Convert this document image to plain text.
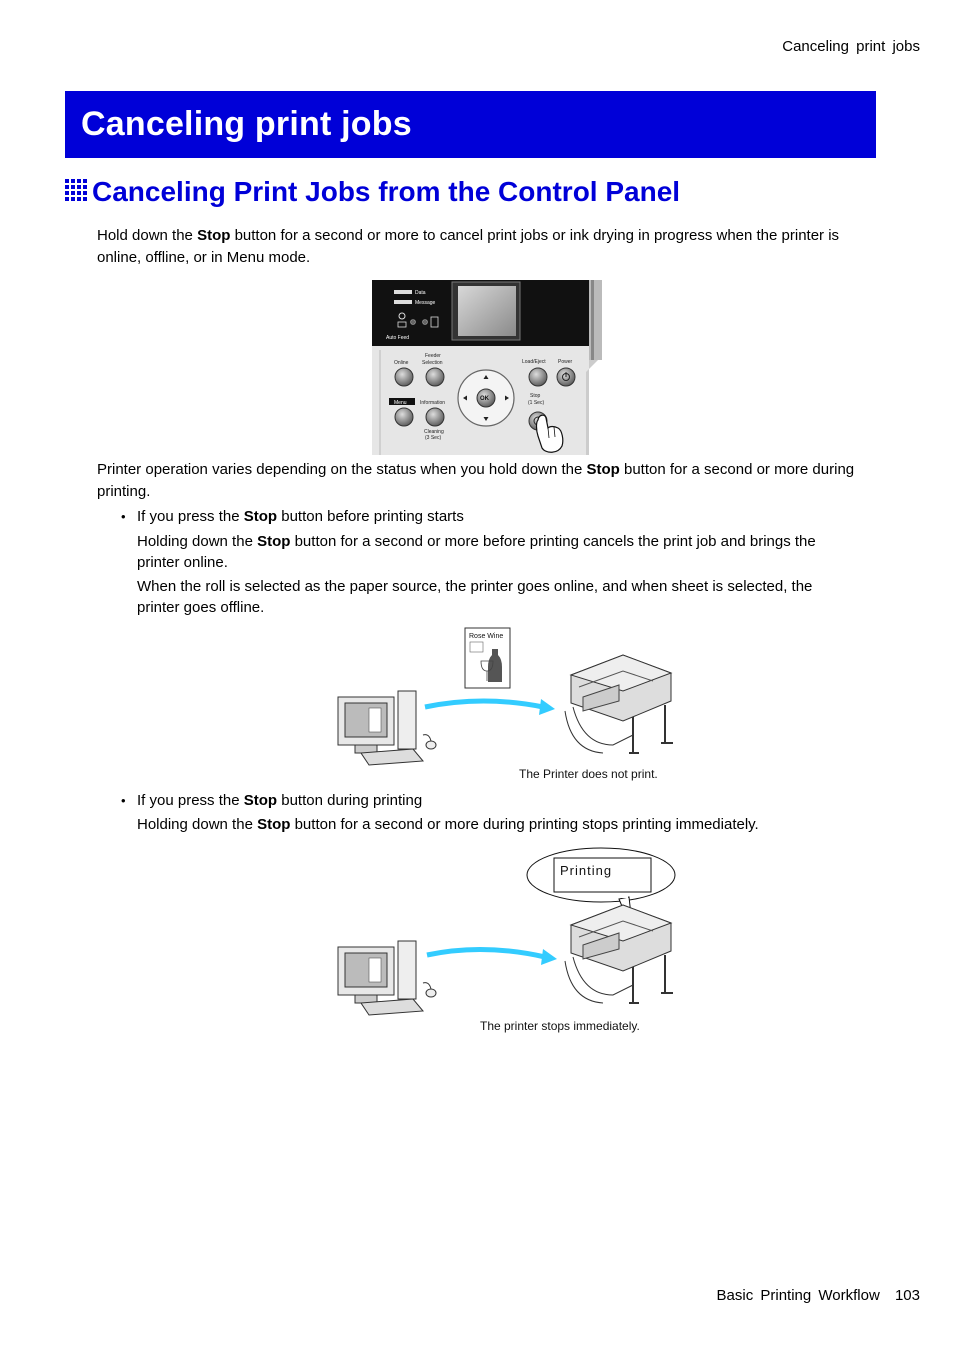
Canceling print jobs
Canceling print jobs
Canceling Print Jobs from the Control Panel
Hold down the Stop button for a second or more to cancel print jobs or ink drying in progress when the printer is online, offline, or in Menu mode.
Data
Message
Auto Feed
Online
Feeder
Selection	Load/Eject Power
OK
Menu	Information
Stop
(1 Sec)
Cleaning
(3 Sec)
Printer operation varies depending on the status when you hold down the Stop button for a second or more during printing.
• If you press the Stop button before printing starts
Holding down the Stop button for a second or more before printing cancels the print job and brings the printer online.
When the roll is selected as the paper source, the printer goes online, and when sheet is selected, the printer goes offline.
Rose Wine
The Printer does not print.
• If you press the Stop button during printing
Holding down the Stop button for a second or more during printing stops printing immediately.
Printing
The printer stops immediately.
Basic Printing Workflow 103
